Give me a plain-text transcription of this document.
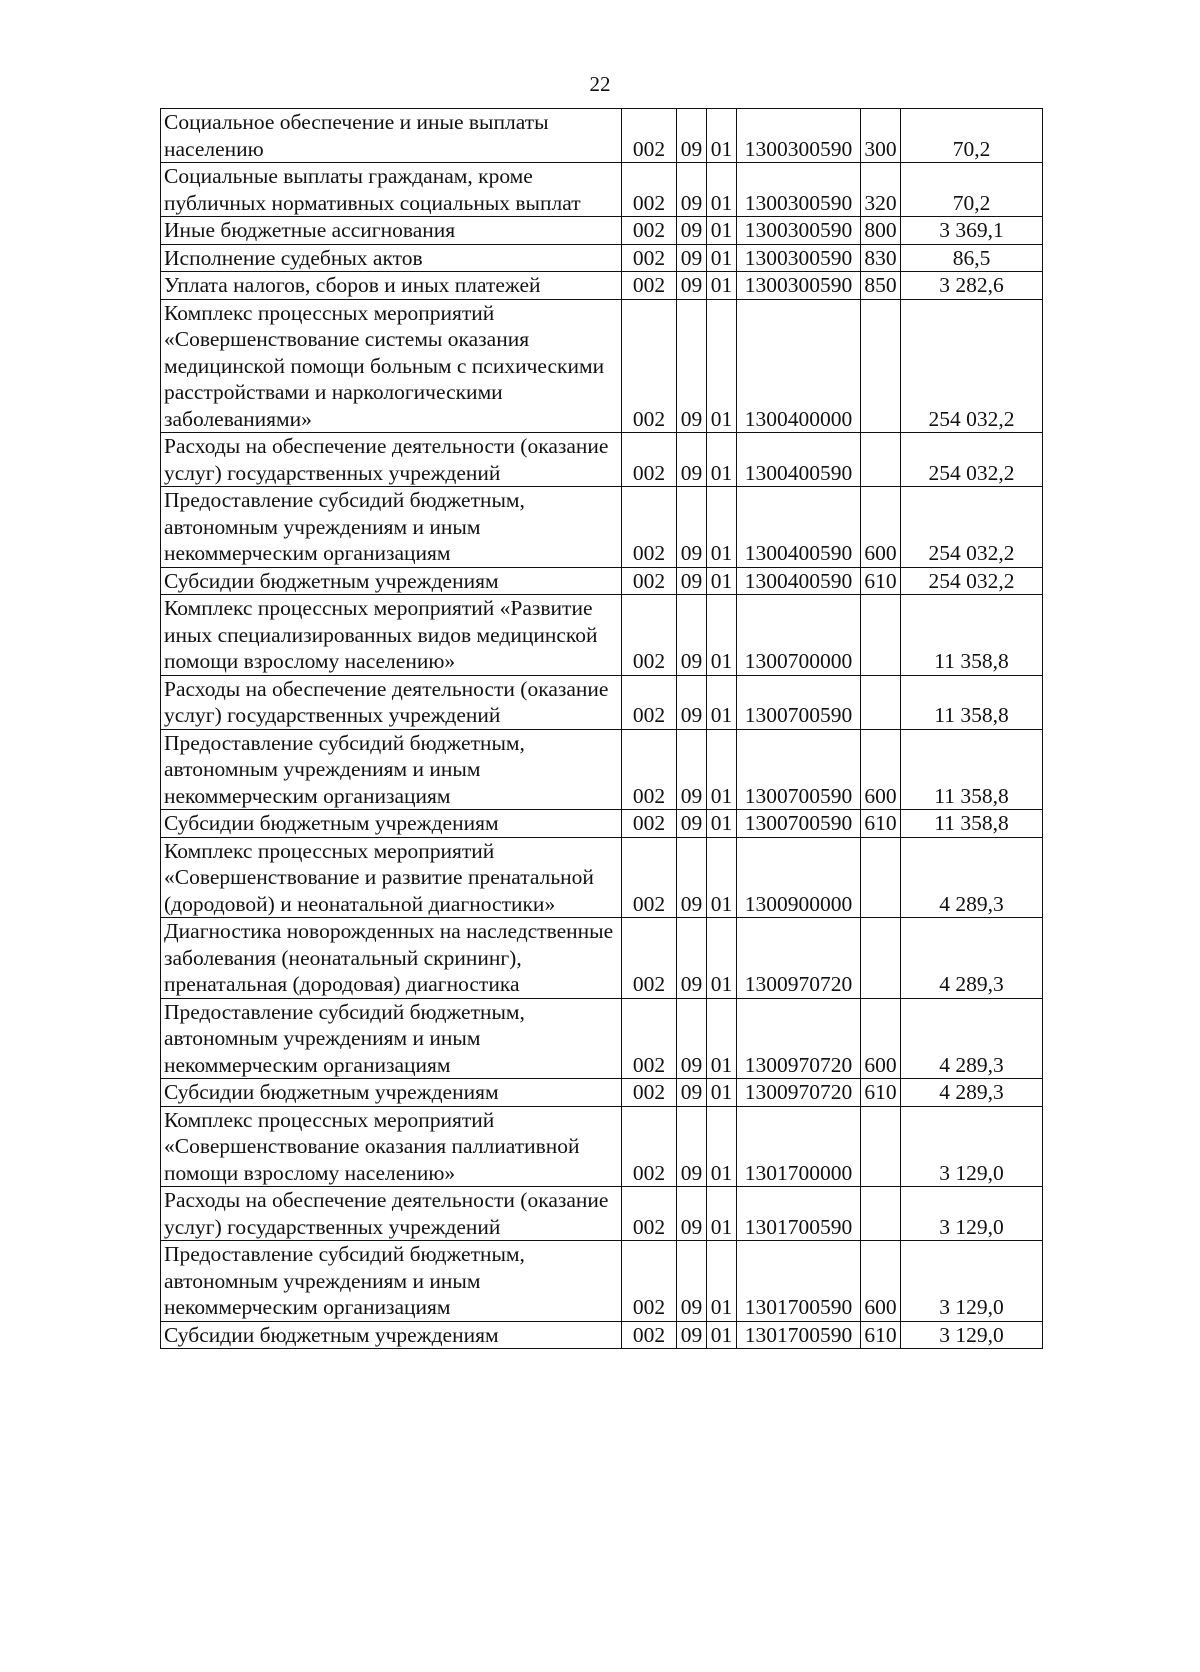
22
Социальное обеспечение и иные выплаты населению	002	09	01	1300300590	300	70,2
Социальные выплаты гражданам, кроме публичных нормативных социальных выплат	002	09	01	1300300590	320	70,2
Иные бюджетные ассигнования	002	09	01	1300300590	800	3 369,1
Исполнение судебных актов	002	09	01	1300300590	830	86,5
Уплата налогов, сборов и иных платежей	002	09	01	1300300590	850	3 282,6
Комплекс процессных мероприятий «Совершенствование системы оказания медицинской помощи больным с психическими расстройствами и наркологическими заболеваниями»	002	09	01	1300400000		254 032,2
Расходы на обеспечение деятельности (оказание услуг) государственных учреждений	002	09	01	1300400590		254 032,2
Предоставление субсидий бюджетным, автономным учреждениям и иным некоммерческим организациям	002	09	01	1300400590	600	254 032,2
Субсидии бюджетным учреждениям	002	09	01	1300400590	610	254 032,2
Комплекс процессных мероприятий «Развитие иных специализированных видов медицинской помощи взрослому населению»	002	09	01	1300700000		11 358,8
Расходы на обеспечение деятельности (оказание услуг) государственных учреждений	002	09	01	1300700590		11 358,8
Предоставление субсидий бюджетным, автономным учреждениям и иным некоммерческим организациям	002	09	01	1300700590	600	11 358,8
Субсидии бюджетным учреждениям	002	09	01	1300700590	610	11 358,8
Комплекс процессных мероприятий «Совершенствование и развитие пренатальной (дородовой) и неонатальной диагностики»	002	09	01	1300900000		4 289,3
Диагностика новорожденных на наследственные заболевания (неонатальный скрининг), пренатальная (дородовая) диагностика	002	09	01	1300970720		4 289,3
Предоставление субсидий бюджетным, автономным учреждениям и иным некоммерческим организациям	002	09	01	1300970720	600	4 289,3
Субсидии бюджетным учреждениям	002	09	01	1300970720	610	4 289,3
Комплекс процессных мероприятий «Совершенствование оказания паллиативной помощи взрослому населению»	002	09	01	1301700000		3 129,0
Расходы на обеспечение деятельности (оказание услуг) государственных учреждений	002	09	01	1301700590		3 129,0
Предоставление субсидий бюджетным, автономным учреждениям и иным некоммерческим организациям	002	09	01	1301700590	600	3 129,0
Субсидии бюджетным учреждениям	002	09	01	1301700590	610	3 129,0
